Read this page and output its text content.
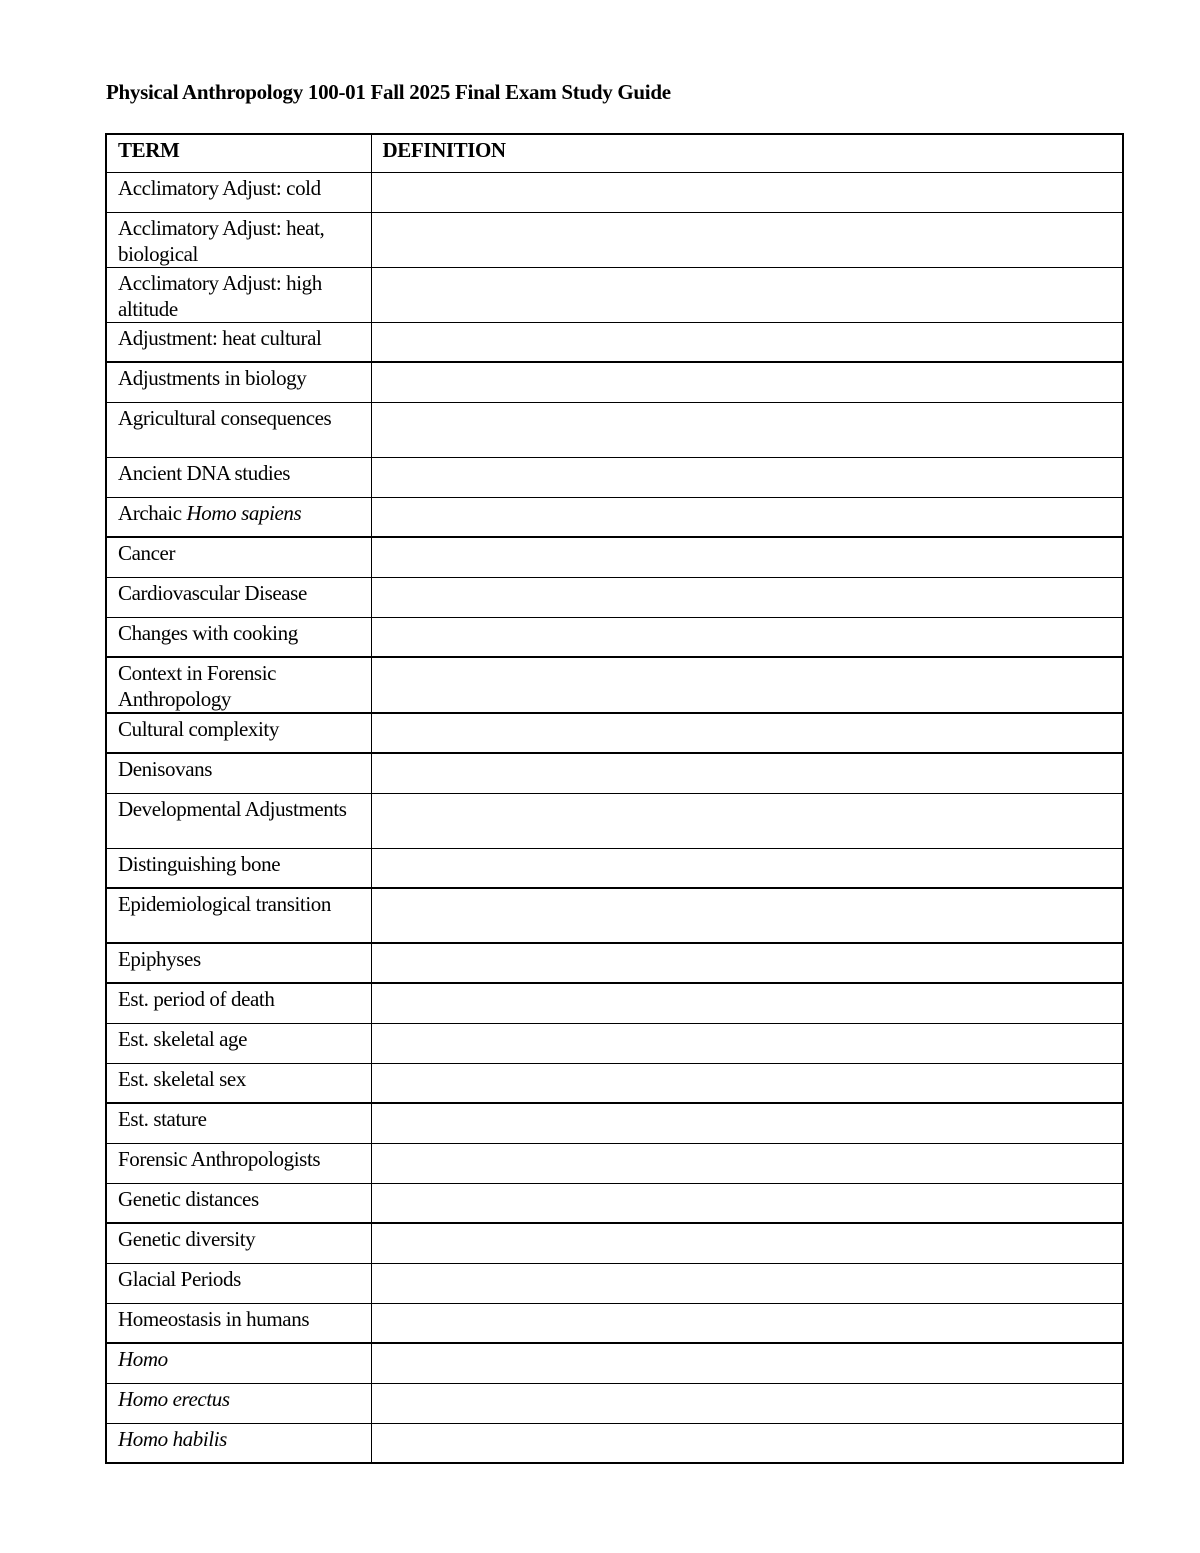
Physical Anthropology 100-01 Fall 2025 Final Exam Study Guide
TERM	DEFINITION
Acclimatory Adjust: cold	
Acclimatory Adjust: heat, biological	
Acclimatory Adjust: high altitude	
Adjustment: heat cultural	
Adjustments in biology	
Agricultural consequences	
Ancient DNA studies	
Archaic Homo sapiens	
Cancer	
Cardiovascular Disease	
Changes with cooking	
Context in Forensic Anthropology	
Cultural complexity	
Denisovans	
Developmental Adjustments	
Distinguishing bone	
Epidemiological transition	
Epiphyses	
Est. period of death	
Est. skeletal age	
Est. skeletal sex	
Est. stature	
Forensic Anthropologists	
Genetic distances	
Genetic diversity	
Glacial Periods	
Homeostasis in humans	
Homo	
Homo erectus	
Homo habilis	
